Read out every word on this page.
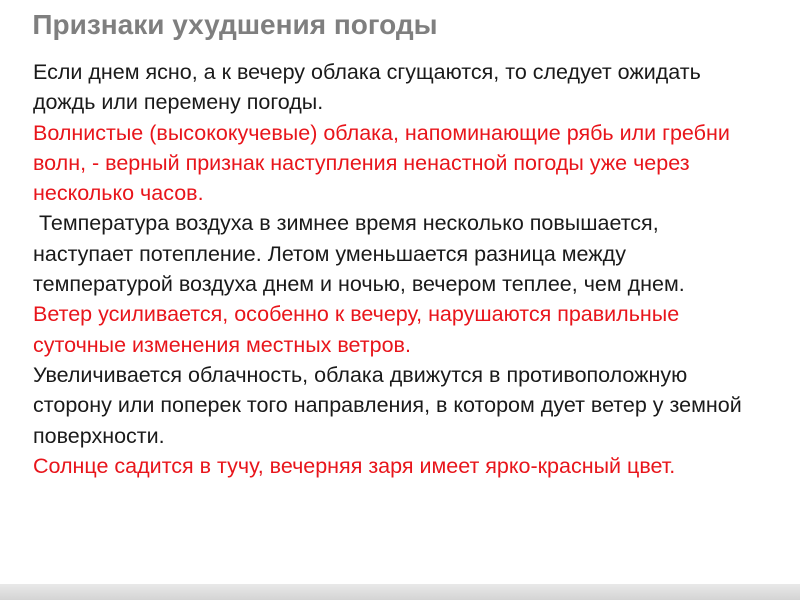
Признаки ухудшения погоды

Если днем ясно, а к вечеру облака сгущаются, то следует ожидать дождь или перемену погоды.

Волнистые (высококучевые) облака, напоминающие рябь или гребни волн, - верный признак наступления ненастной погоды уже через несколько часов.

Температура воздуха в зимнее время несколько повышается, наступает потепление. Летом уменьшается разница между температурой воздуха днем и ночью, вечером теплее, чем днем.

Ветер усиливается, особенно к вечеру, нарушаются правильные суточные изменения местных ветров.

Увеличивается облачность, облака движутся в противоположную сторону или поперек того направления, в котором дует ветер у земной поверхности.

Солнце садится в тучу, вечерняя заря имеет ярко-красный цвет.
